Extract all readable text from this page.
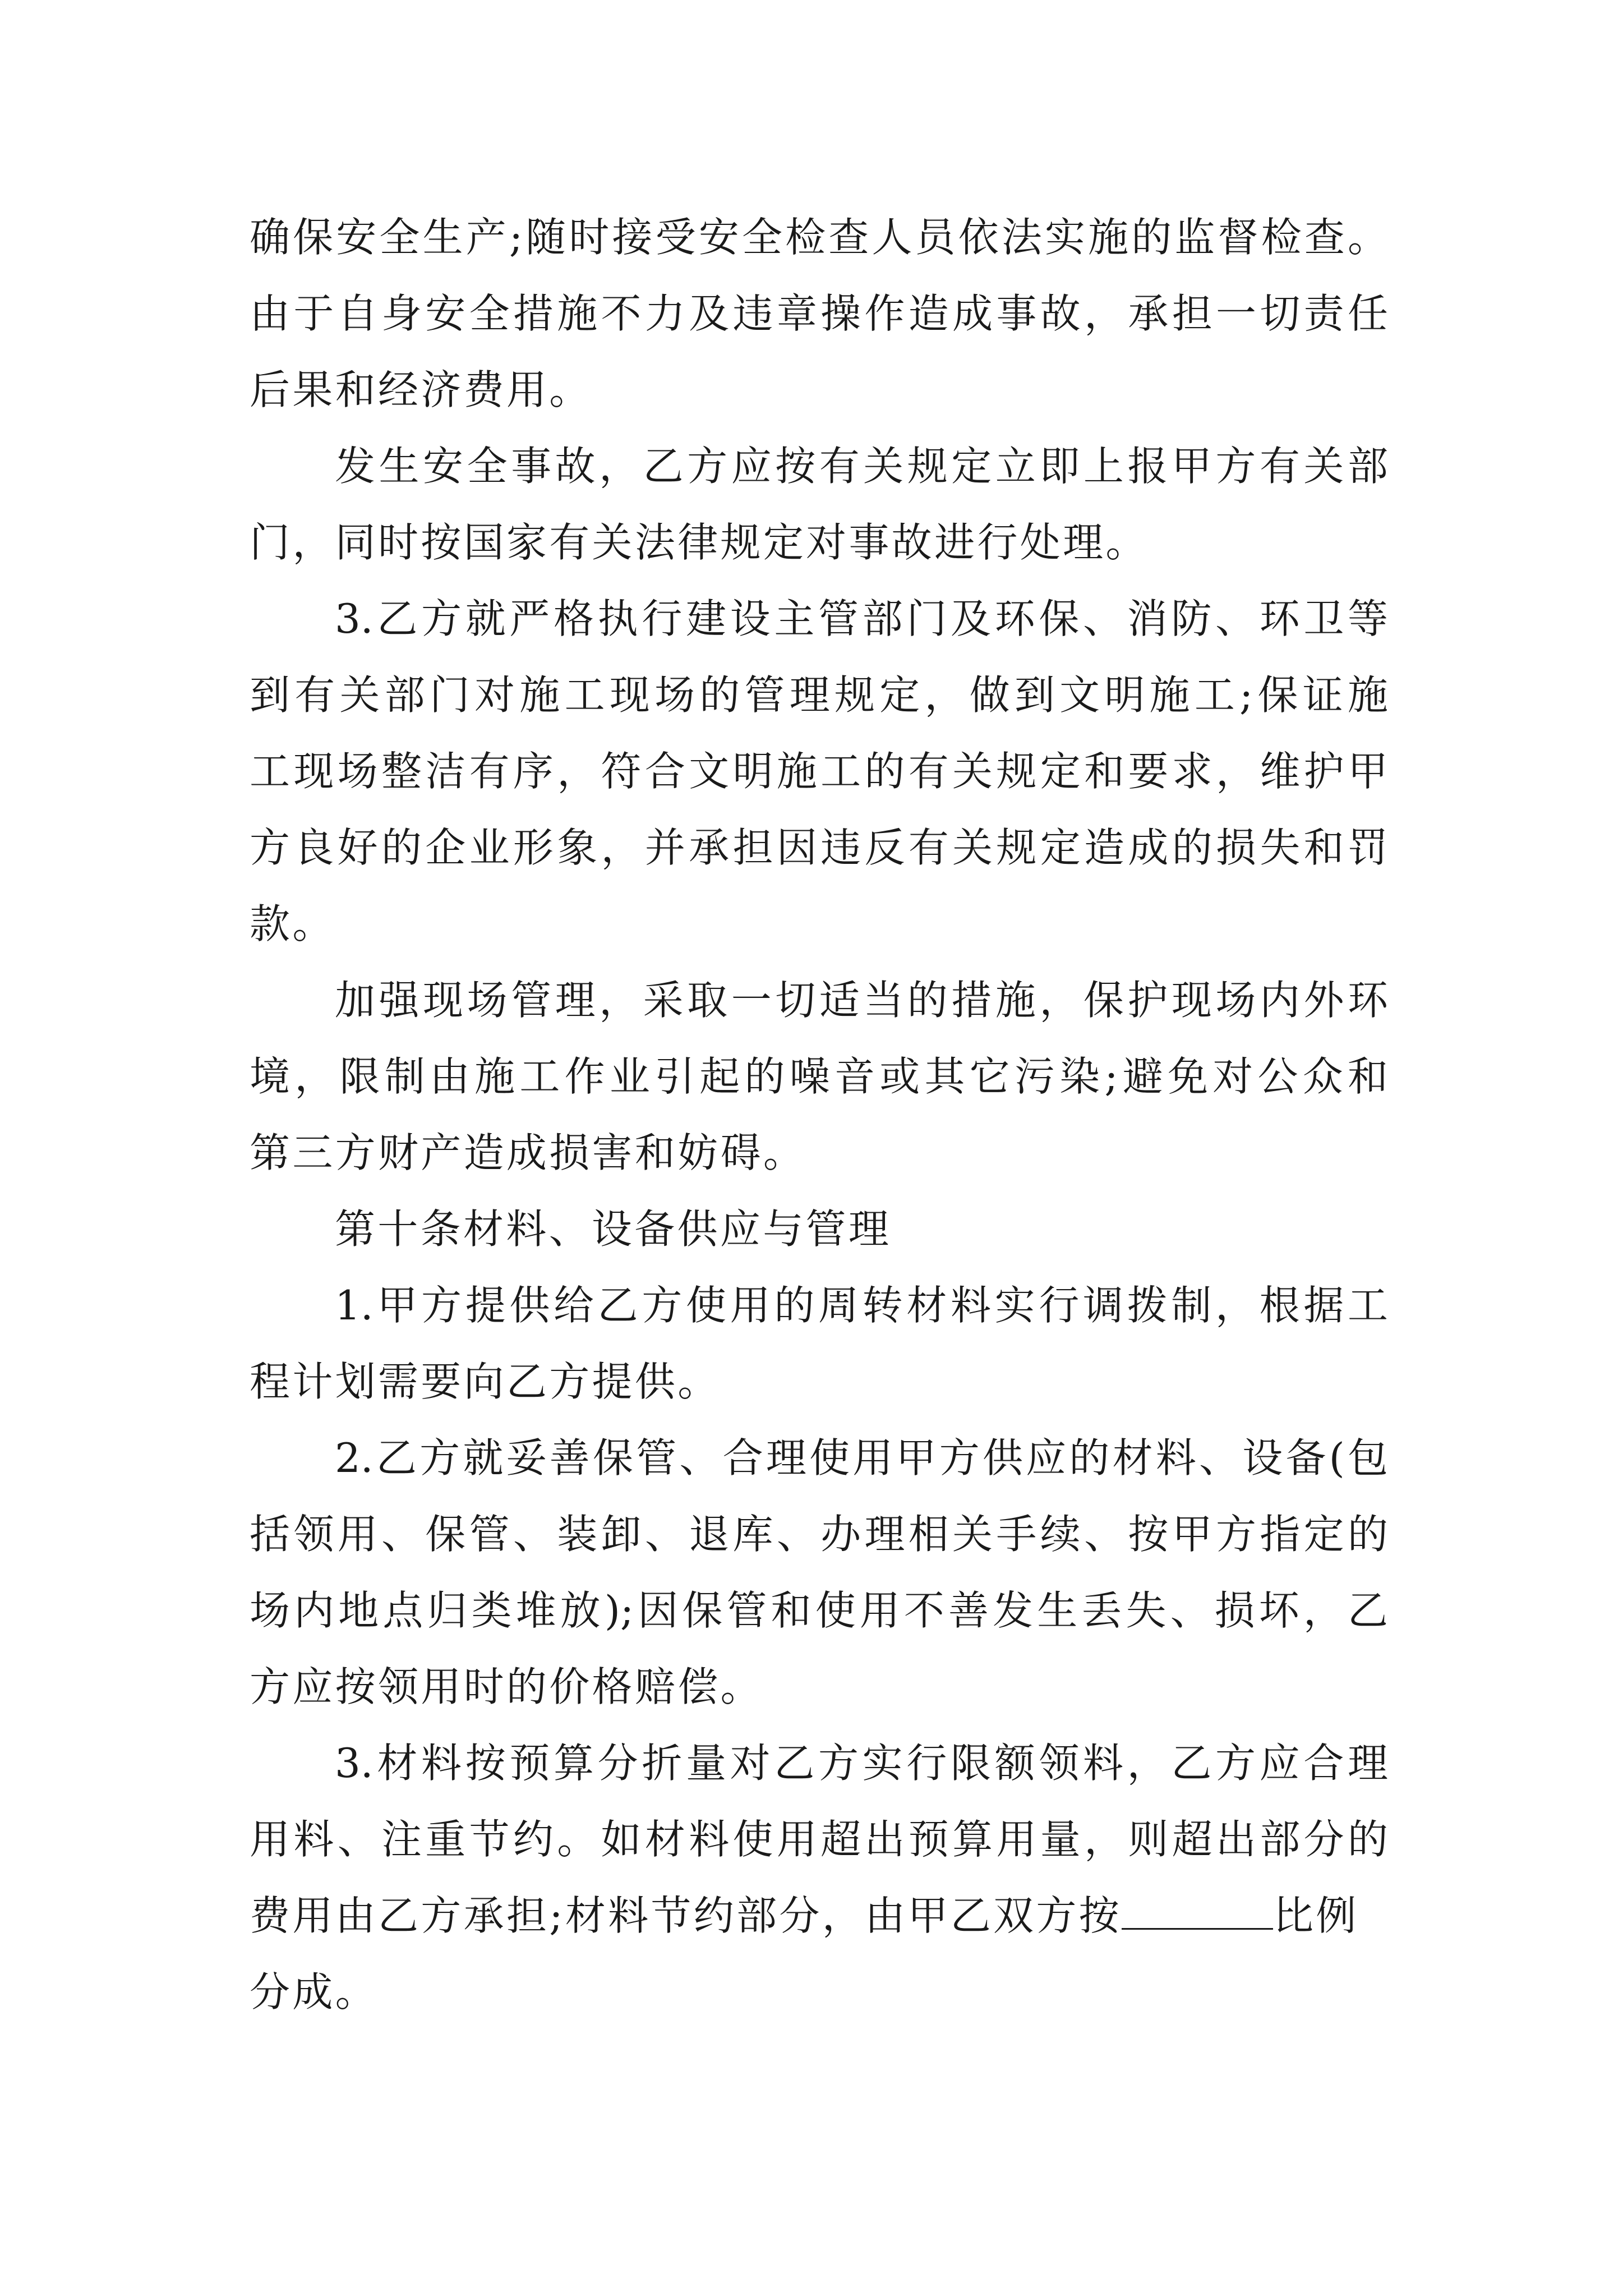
确保安全生产;随时接受安全检查人员依法实施的监督检查。
由于自身安全措施不力及违章操作造成事故，承担一切责任
后果和经济费用。
发生安全事故，乙方应按有关规定立即上报甲方有关部
门，同时按国家有关法律规定对事故进行处理。
3.乙方就严格执行建设主管部门及环保、消防、环卫等
到有关部门对施工现场的管理规定，做到文明施工;保证施
工现场整洁有序，符合文明施工的有关规定和要求，维护甲
方良好的企业形象，并承担因违反有关规定造成的损失和罚
款。
加强现场管理，采取一切适当的措施，保护现场内外环
境，限制由施工作业引起的噪音或其它污染;避免对公众和
第三方财产造成损害和妨碍。
第十条材料、设备供应与管理
1.甲方提供给乙方使用的周转材料实行调拨制，根据工
程计划需要向乙方提供。
2.乙方就妥善保管、合理使用甲方供应的材料、设备(包
括领用、保管、装卸、退库、办理相关手续、按甲方指定的
场内地点归类堆放);因保管和使用不善发生丢失、损坏，乙
方应按领用时的价格赔偿。
3.材料按预算分折量对乙方实行限额领料，乙方应合理
用料、注重节约。如材料使用超出预算用量，则超出部分的
费用由乙方承担;材料节约部分，由甲乙双方按	比例
分成。
